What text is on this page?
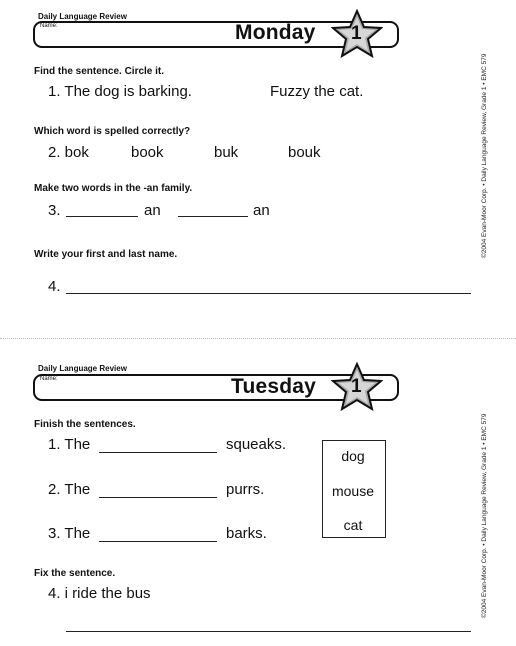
Daily Language Review
Name:	Monday 1
©2004 Evan-Moor Corp. • Daily Language Review, Grade 1 • EMC 579
Find the sentence. Circle it.
1. The dog is barking.	Fuzzy the cat.
Which word is spelled correctly?
2. bok	book	buk	bouk
Make two words in the -an family.
3.	an	an
Write your first and last name.
4.
Daily Language Review
Name:	Tuesday 1
©2004 Evan-Moor Corp. • Daily Language Review, Grade 1 • EMC 579
Finish the sentences.
1. The	squeaks.
2. The	purrs.
3. The	barks.
dog
mouse
cat
Fix the sentence.
4. i ride the bus
